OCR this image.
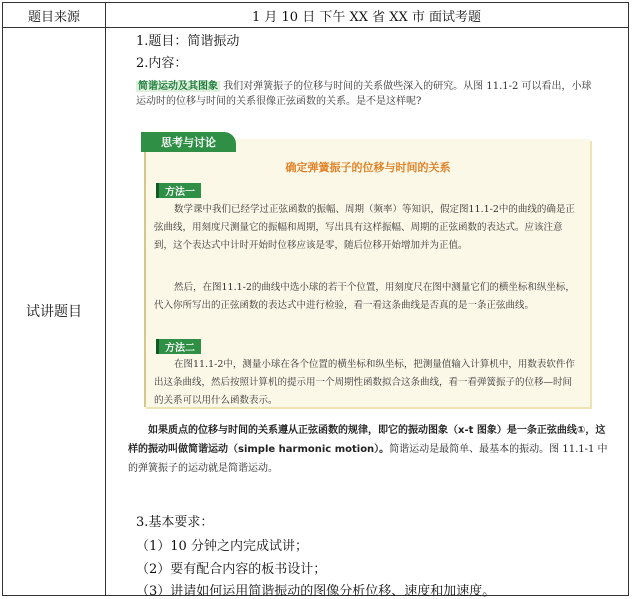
题目来源	1 月 10 日 下午 XX 省 XX 市 面试考题
试讲题目
1.题目：简谐振动
2.内容：
简谐运动及其图象 我们对弹簧振子的位移与时间的关系做些深入的研究。从图 11.1-2 可以看出，小球运动时的位移与时间的关系很像正弦函数的关系。是不是这样呢?
确定弹簧振子的位移与时间的关系
方法一
数学课中我们已经学过正弦函数的振幅、周期（频率）等知识，假定图11.1-2中的曲线的确是正弦曲线，用刻度尺测量它的振幅和周期，写出具有这样振幅、周期的正弦函数的表达式。应该注意到，这个表达式中计时开始时位移应该是零，随后位移开始增加并为正值。
然后，在图11.1-2的曲线中选小球的若干个位置，用刻度尺在图中测量它们的横坐标和纵坐标，代入你所写出的正弦函数的表达式中进行检验，看一看这条曲线是否真的是一条正弦曲线。
方法二
在图11.1-2中，测量小球在各个位置的横坐标和纵坐标，把测量值输入计算机中，用数表软件作出这条曲线，然后按照计算机的提示用一个周期性函数拟合这条曲线，看一看弹簧振子的位移—时间的关系可以用什么函数表示。
思考与讨论
如果质点的位移与时间的关系遵从正弦函数的规律，即它的振动图象（x-t 图象）是一条正弦曲线①，这样的振动叫做简谐运动（simple harmonic motion）。简谐运动是最简单、最基本的振动。图 11.1-1 中的弹簧振子的运动就是简谐运动。
3.基本要求：
（1）10 分钟之内完成试讲；
（2）要有配合内容的板书设计；
（3）讲请如何运用简谐振动的图像分析位移、速度和加速度。
